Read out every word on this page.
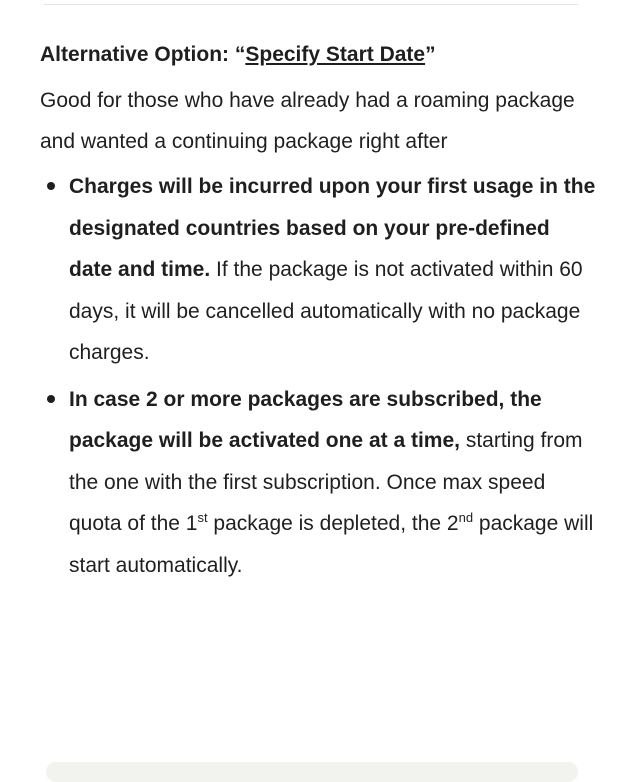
Alternative Option: “Specify Start Date”

Good for those who have already had a roaming package and wanted a continuing package right after

Charges will be incurred upon your first usage in the designated countries based on your pre-defined date and time. If the package is not activated within 60 days, it will be cancelled automatically with no package charges.
In case 2 or more packages are subscribed, the package will be activated one at a time, starting from the one with the first subscription. Once max speed quota of the 1st package is depleted, the 2nd package will start automatically.
